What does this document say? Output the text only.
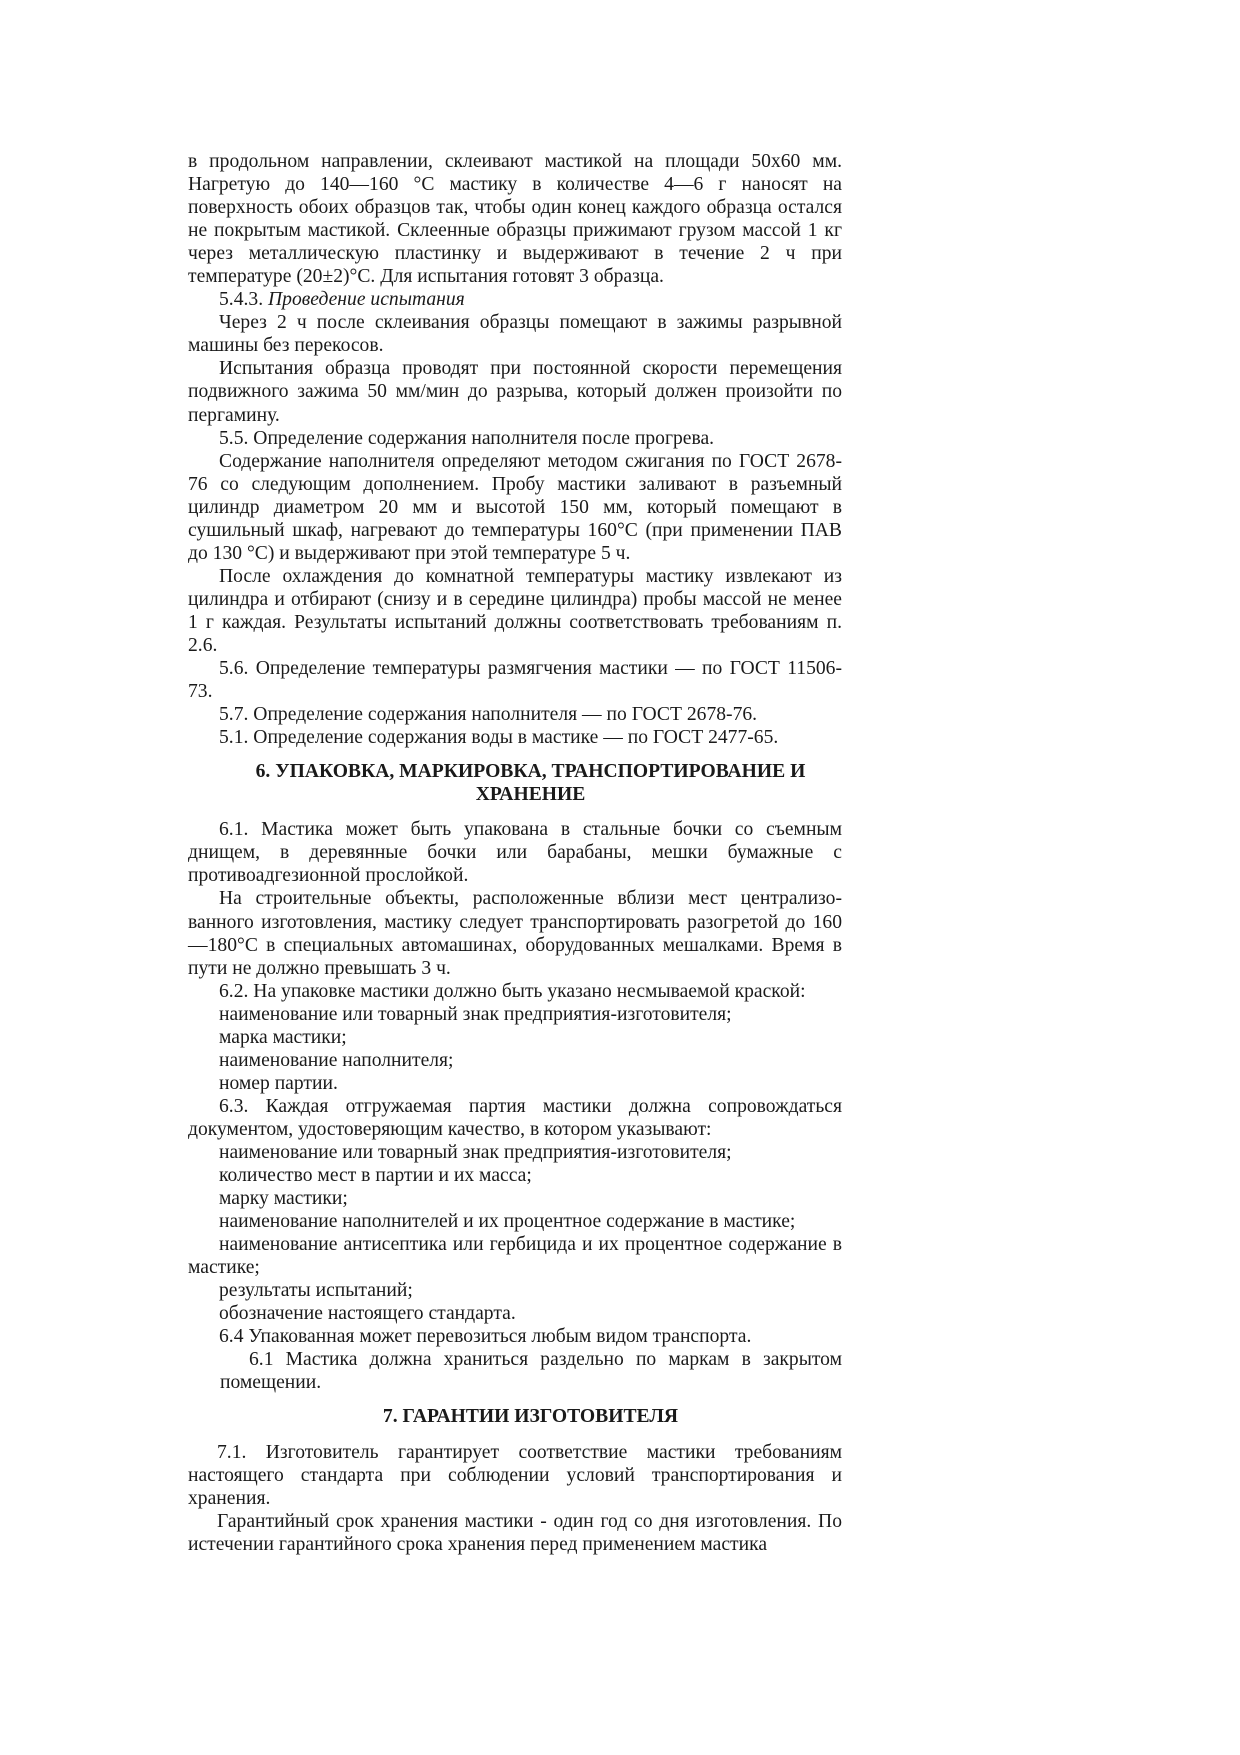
в продольном направлении, склеивают мастикой на площади 50x60 мм. Нагретую до 140—160 °С мастику в количестве 4—6 г наносят на поверхность обоих образцов так, чтобы один конец каждого образца остался не покрытым мастикой. Склеенные образцы прижимают грузом массой 1 кг через металлическую пластинку и выдерживают в течение 2 ч при температуре (20±2)°С. Для испытания готовят 3 образца.

5.4.3. Проведение испытания

Через 2 ч после склеивания образцы помещают в зажимы разрывной машины без перекосов.

Испытания образца проводят при постоянной скорости перемещения подвижного зажима 50 мм/мин до разрыва, который должен произойти по пергамину.

5.5. Определение содержания наполнителя после прогрева.

Содержание наполнителя определяют методом сжигания по ГОСТ 2678-76 со следующим дополнением. Пробу мастики заливают в разъемный цилиндр диаметром 20 мм и высотой 150 мм, который помещают в сушильный шкаф, нагревают до температуры 160°С (при применении ПАВ до 130 °С) и выдерживают при этой температуре 5 ч.

После охлаждения до комнатной температуры мастику извлекают из цилиндра и отбирают (снизу и в середине цилиндра) пробы массой не менее 1 г каждая. Результаты испытаний должны соответствовать требованиям п. 2.6.

5.6. Определение температуры размягчения мастики — по ГОСТ 11506-73.

5.7. Определение содержания наполнителя — по ГОСТ 2678-76.

5.1. Определение содержания воды в мастике — по ГОСТ 2477-65.

6. УПАКОВКА, МАРКИРОВКА, ТРАНСПОРТИРОВАНИЕ И

ХРАНЕНИЕ

6.1. Мастика может быть упакована в стальные бочки со съемным днищем, в деревянные бочки или барабаны, мешки бумажные с противоадгезионной прослойкой.

На строительные объекты, расположенные вблизи мест централизо-ванного изготовления, мастику следует транспортировать разогретой до 160—180°С в специальных автомашинах, оборудованных мешалками. Время в пути не должно превышать 3 ч.

6.2. На упаковке мастики должно быть указано несмываемой краской:

наименование или товарный знак предприятия-изготовителя;

марка мастики;

наименование наполнителя;

номер партии.

6.3. Каждая отгружаемая партия мастики должна сопровождаться документом, удостоверяющим качество, в котором указывают:

наименование или товарный знак предприятия-изготовителя;

количество мест в партии и их масса;

марку мастики;

наименование наполнителей и их процентное содержание в мастике;

наименование антисептика или гербицида и их процентное содержание в мастике;

результаты испытаний;

обозначение настоящего стандарта.

6.4 Упакованная может перевозиться любым видом транспорта.

6.1 Мастика должна храниться раздельно по маркам в закрытом помещении.

7. ГАРАНТИИ ИЗГОТОВИТЕЛЯ

7.1. Изготовитель гарантирует соответствие мастики требованиям настоящего стандарта при соблюдении условий транспортирования и хранения.

Гарантийный срок хранения мастики - один год со дня изготовления. По истечении гарантийного срока хранения перед применением мастика
